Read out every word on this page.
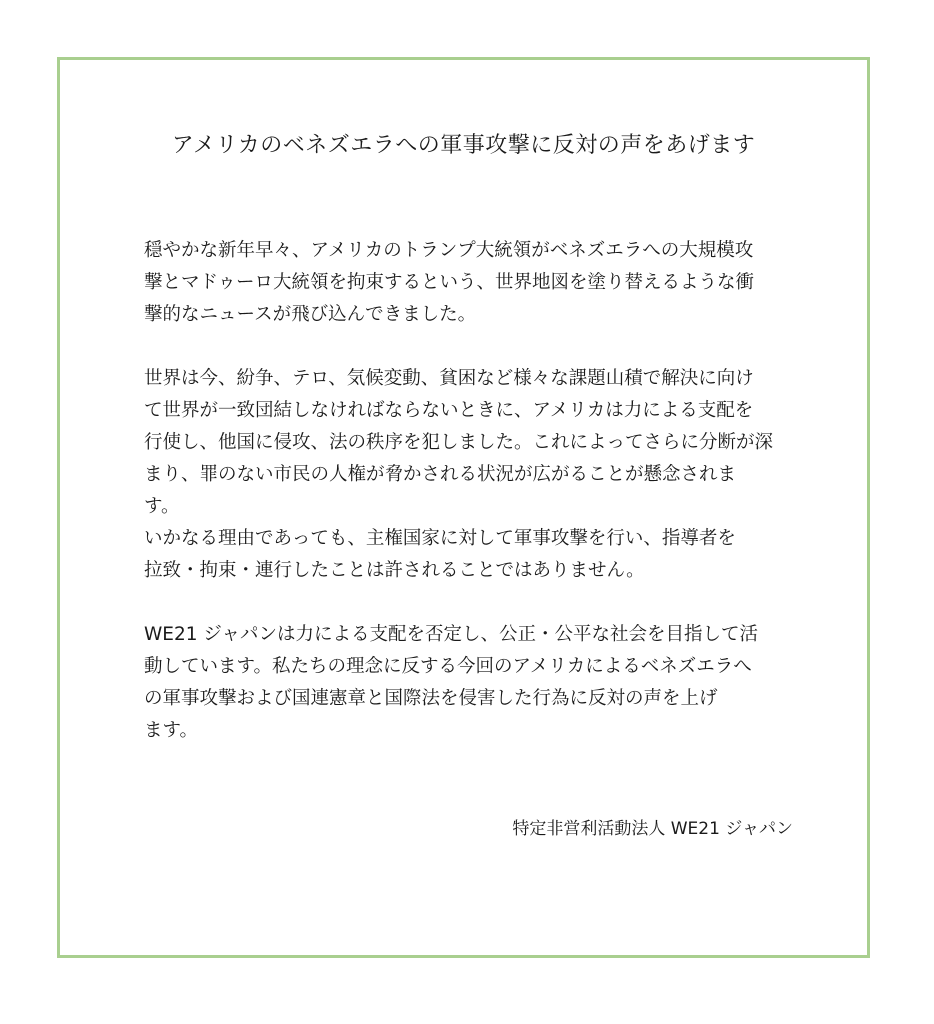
アメリカのベネズエラへの軍事攻撃に反対の声をあげます
穏やかな新年早々、アメリカのトランプ大統領がベネズエラへの大規模攻
撃とマドゥーロ大統領を拘束するという、世界地図を塗り替えるような衝
撃的なニュースが飛び込んできました。
世界は今、紛争、テロ、気候変動、貧困など様々な課題山積で解決に向け
て世界が一致団結しなければならないときに、アメリカは力による支配を
行使し、他国に侵攻、法の秩序を犯しました。これによってさらに分断が深
まり、罪のない市民の人権が脅かされる状況が広がることが懸念されま
す。
いかなる理由であっても、主権国家に対して軍事攻撃を行い、指導者を
拉致・拘束・連行したことは許されることではありません。
WE21 ジャパンは力による支配を否定し、公正・公平な社会を目指して活
動しています。私たちの理念に反する今回のアメリカによるベネズエラへ
の軍事攻撃および国連憲章と国際法を侵害した行為に反対の声を上げ
ます。
特定非営利活動法人 WE21 ジャパン
